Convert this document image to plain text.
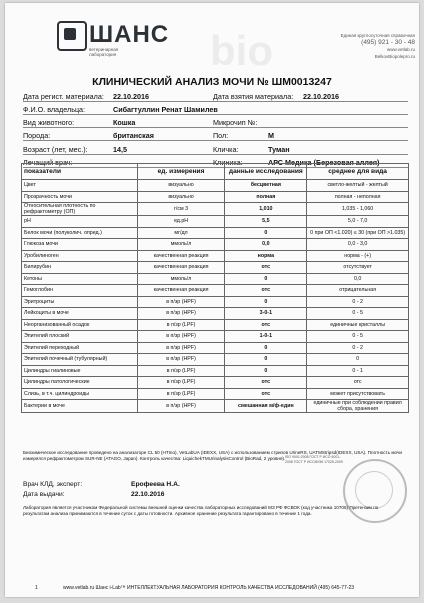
ШАНС
ветеринарная
лаборатория	bio	Единая круглосуточная справочная
(495) 921 - 30 - 48
www.vetlab.ru
BelkovBiopolepro.ru
КЛИНИЧЕСКИЙ АНАЛИЗ МОЧИ № ШМ0013247
Дата регист. материала:	22.10.2016	Дата взятия материала:	22.10.2016
Ф.И.О. владельца:	Сибагтуллин Ренат Шамилев
Вид животного:	Кошка	Микрочип №:
Порода:	британская	Пол:	М
Возраст (лет, мес.):	14,5	Кличка:	Туман
Лечащий врач:	Клиника:	АРС Медика (Березовая аллея)
показатели	ед. измерения	данные исследования	среднее для вида
Цвет	визуально	бесцветная	светло-желтый - желтый
Прозрачность мочи	визуально	полная	полная - неполная
Относительная плотность по рефрактометру (ОП)	г/см 3	1,010	1,035 - 1,060
pH	ед.pH	5,5	5,0 - 7,0
Белок мочи (полуколич. опред.)	мг/дл	0	0 при ОП <1.020) ≤ 30 (при ОП >1.035)
Глюкоза мочи	ммоль/л	0,0	0,0 - 3,0
Уробилиноген	качественная реакция	норма	норма - (+)
Билирубин	качественная реакция	отс	отсутствует
Кетоны	ммоль/л	0	0,0
Гемоглобин	качественная реакция	отс	отрицательная
Эритроциты	в п/зр (HPF)	0	0 - 2
Лейкоциты в моче	в п/зр (HPF)	3-0-1	0 - 5
Неорганизованный осадок	в п/зр (LPF)	отс	единичные кристаллы
Эпителий плоский	в п/зр (HPF)	1-0-1	0 - 5
Эпителий переходный	в п/зр (HPF)	0	0 - 2
Эпителий почечный (тубулярный)	в п/зр (HPF)	0	0
Цилиндры гиалиновые	в п/зр (LPF)	0	0 - 1
Цилиндры патологические	в п/зр (LPF)	отс	отс
Слизь, в т.ч. цилиндроиды	в п/зр (LPF)	отс	может присутствовать
Бактерии в моче	в п/зр (HPF)	смешанная м/ф-един	единичные при соблюдении правил сбора, хранения
Биохимическое исследование проведено на анализаторе CL 50 (HTIno), VetLabUA (IDEXX, USA) с использованием стрипов UrineRS, UATMStripsd(IDEXX, USA). Плотность мочи измерялся рефрактометром SUR-NE (ATAGO, Japan). Контроль качества: LiquichekTMUrinalysisControl (BioRad, 2 уровня).
Врач КЛД, эксперт:	Ерофеева Н.А.
Дата выдачи:	22.10.2016
ISO 9001:2008 ГОСТ Р ИСО 9001-2008 ГОСТ Р ИСО/МЭК 17025-2009
Лаборатория является участником Федеральной системы внешней оценки качества лабораторных исследований МЗ РФ ФСВОК (код участника 10705) Претензии по результатам анализа принимаются в течение суток с даты готовности. Архивное хранение результата гарантировано в течение 1 года.
1	www.vetlab.ru Шанс i-Lab™ ИНТЕЛЛЕКТУАЛЬНАЯ ЛАБОРАТОРИЯ КОНТРОЛЬ КАЧЕСТВА ИССЛЕДОВАНИЙ (495) 645-77-23
